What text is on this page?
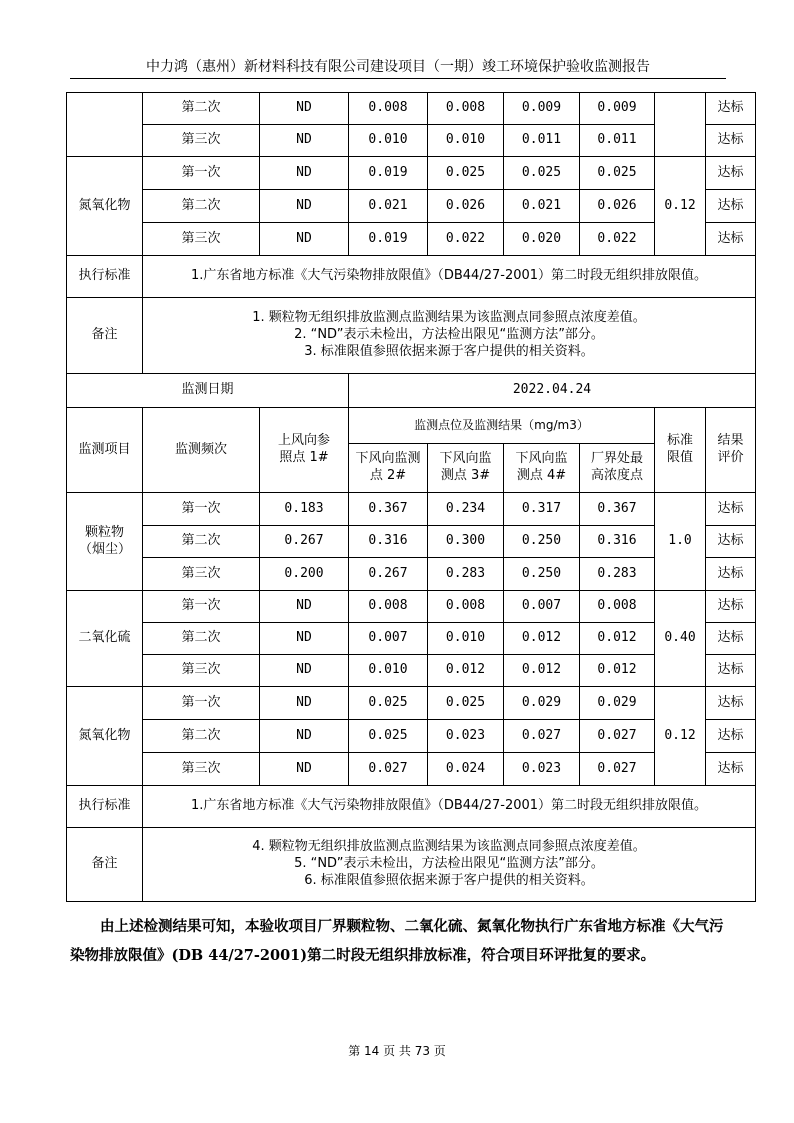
中力鸿（惠州）新材料科技有限公司建设项目（一期）竣工环境保护验收监测报告
	第二次	ND	0.008	0.008	0.009	0.009		达标
	第三次	ND	0.010	0.010	0.011	0.011		达标
氮氧化物	第一次	ND	0.019	0.025	0.025	0.025	0.12	达标
	第二次	ND	0.021	0.026	0.021	0.026		达标
	第三次	ND	0.019	0.022	0.020	0.022		达标
执行标准	1.广东省地方标准《大气污染物排放限值》（DB44/27-2001）第二时段无组织排放限值。							
备注	1. 颗粒物无组织排放监测点监测结果为该监测点同参照点浓度差值。
2. “ND”表示未检出，方法检出限见“监测方法”部分。
3. 标准限值参照依据来源于客户提供的相关资料。							

监测日期			2022.04.24					
监测项目	监测频次	上风向参照点 1#	监测点位及监测结果（mg/m3）				标准限值	结果评价
			下风向监测点 2#	下风向监测点 3#	下风向监测点 4#	厂界处最高浓度点		
颗粒物（烟尘）	第一次	0.183	0.367	0.234	0.317	0.367	1.0	达标
	第二次	0.267	0.316	0.300	0.250	0.316		达标
	第三次	0.200	0.267	0.283	0.250	0.283		达标
二氧化硫	第一次	ND	0.008	0.008	0.007	0.008	0.40	达标
	第二次	ND	0.007	0.010	0.012	0.012		达标
	第三次	ND	0.010	0.012	0.012	0.012		达标
氮氧化物	第一次	ND	0.025	0.025	0.029	0.029	0.12	达标
	第二次	ND	0.025	0.023	0.027	0.027		达标
	第三次	ND	0.027	0.024	0.023	0.027		达标
执行标准	1.广东省地方标准《大气污染物排放限值》（DB44/27-2001）第二时段无组织排放限值。							
备注	4. 颗粒物无组织排放监测点监测结果为该监测点同参照点浓度差值。
5. “ND”表示未检出，方法检出限见“监测方法”部分。
6. 标准限值参照依据来源于客户提供的相关资料。							

由上述检测结果可知，本验收项目厂界颗粒物、二氧化硫、氮氧化物执行广东省地方标准《大气污染物排放限值》(DB 44/27-2001)第二时段无组织排放标准，符合项目环评批复的要求。

第 14 页 共 73 页
